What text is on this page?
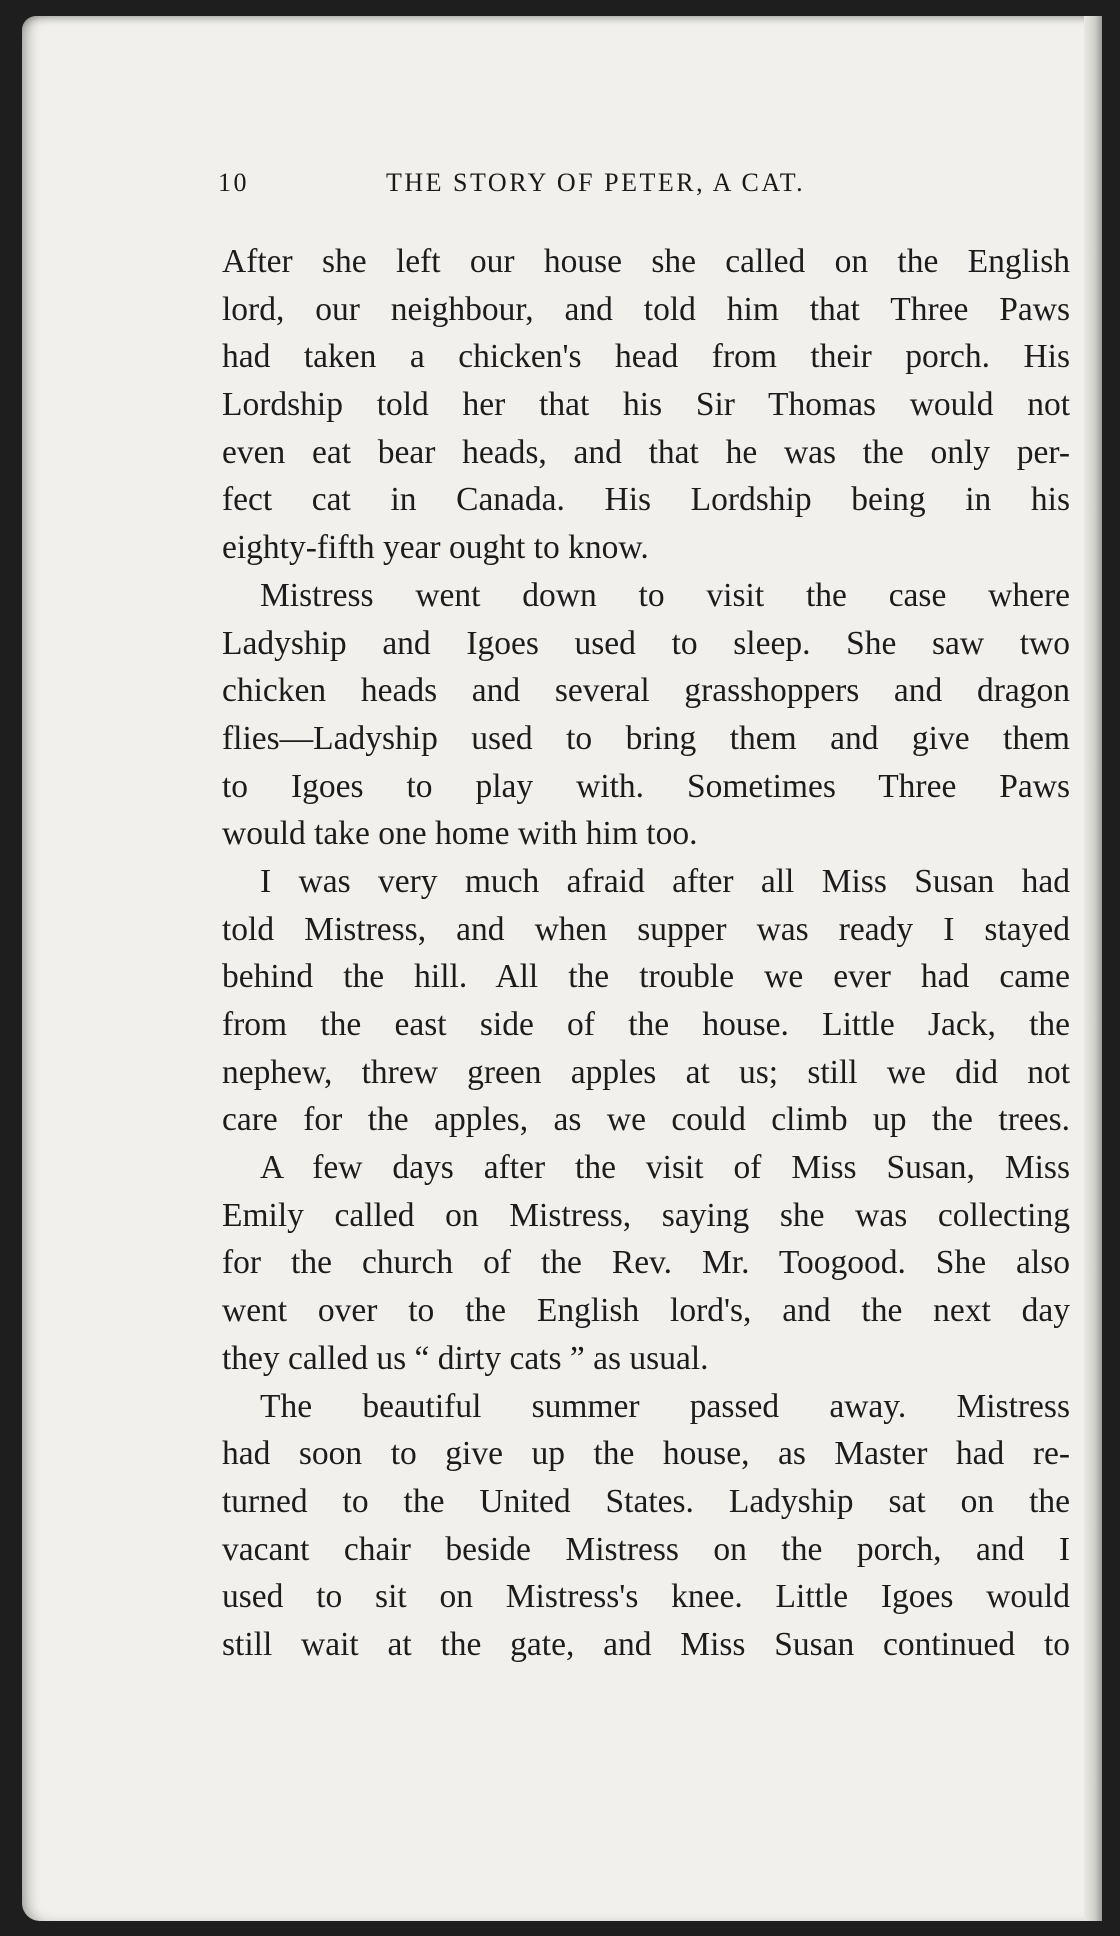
10	THE STORY OF PETER, A CAT.
After she left our house she called on the English
lord, our neighbour, and told him that Three Paws
had taken a chicken's head from their porch. His
Lordship told her that his Sir Thomas would not
even eat bear heads, and that he was the only per-
fect cat in Canada. His Lordship being in his
eighty-fifth year ought to know.
Mistress went down to visit the case where
Ladyship and Igoes used to sleep. She saw two
chicken heads and several grasshoppers and dragon
flies—Ladyship used to bring them and give them
to Igoes to play with. Sometimes Three Paws
would take one home with him too.
I was very much afraid after all Miss Susan had
told Mistress, and when supper was ready I stayed
behind the hill. All the trouble we ever had came
from the east side of the house. Little Jack, the
nephew, threw green apples at us; still we did not
care for the apples, as we could climb up the trees.
A few days after the visit of Miss Susan, Miss
Emily called on Mistress, saying she was collecting
for the church of the Rev. Mr. Toogood. She also
went over to the English lord's, and the next day
they called us “ dirty cats ” as usual.
The beautiful summer passed away. Mistress
had soon to give up the house, as Master had re-
turned to the United States. Ladyship sat on the
vacant chair beside Mistress on the porch, and I
used to sit on Mistress's knee. Little Igoes would
still wait at the gate, and Miss Susan continued to
